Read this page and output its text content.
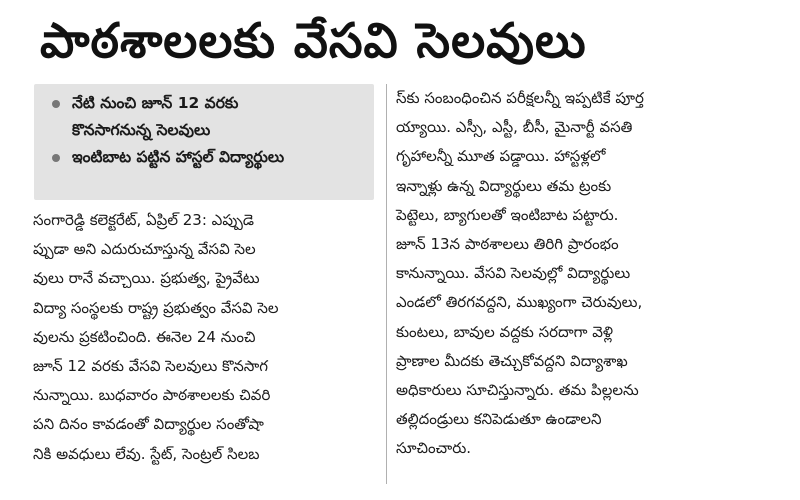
పాఠశాలలకు వేసవి సెలవులు
నేటి నుంచి జూన్ 12 వరకు
కొనసాగనున్న సెలవులు
ఇంటిబాట పట్టిన హాస్టల్ విద్యార్థులు
సంగారెడ్డి కలెక్టరేట్, ఏప్రిల్ 23: ఎప్పుడె
ప్పుడా అని ఎదురుచూస్తున్న వేసవి సెల
వులు రానే వచ్చాయి. ప్రభుత్వ, ప్రైవేటు
విద్యా సంస్థలకు రాష్ట్ర ప్రభుత్వం వేసవి సెల
వులను ప్రకటించింది. ఈనెల 24 నుంచి
జూన్ 12 వరకు వేసవి సెలవులు కొనసాగ
నున్నాయి. బుధవారం పాఠశాలలకు చివరి
పని దినం కావడంతో విద్యార్థుల సంతోషా
నికి అవధులు లేవు. స్టేట్, సెంట్రల్ సిలబ
స్‌కు సంబంధించిన పరీక్షలన్నీ ఇప్పటికే పూర్త
య్యాయి. ఎస్సీ, ఎస్టీ, బీసీ, మైనార్టీ వసతి
గృహాలన్నీ మూత పడ్డాయి. హాస్టళ్లలో
ఇన్నాళ్లు ఉన్న విద్యార్థులు తమ ట్రంకు
పెట్టెలు, బ్యాగులతో ఇంటిబాట పట్టారు.
జూన్ 13న పాఠశాలలు తిరిగి ప్రారంభం
కానున్నాయి. వేసవి సెలవుల్లో విద్యార్థులు
ఎండలో తిరగవద్దని, ముఖ్యంగా చెరువులు,
కుంటలు, బావుల వద్దకు సరదాగా వెళ్లి
ప్రాణాల మీదకు తెచ్చుకోవద్దని విద్యాశాఖ
అధికారులు సూచిస్తున్నారు. తమ పిల్లలను
తల్లిదండ్రులు కనిపెడుతూ ఉండాలని
సూచించారు.
